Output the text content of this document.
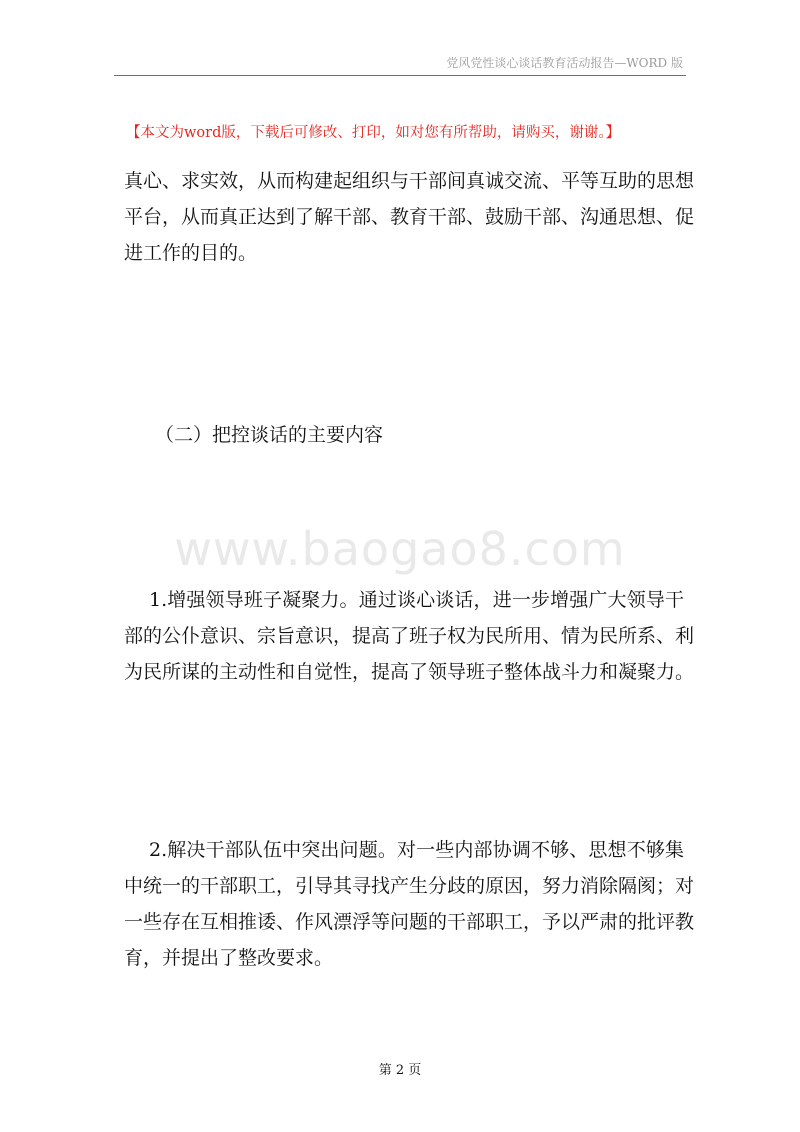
党风党性谈心谈话教育活动报告—WORD 版
【本文为word版，下载后可修改、打印，如对您有所帮助，请购买，谢谢。】
真心、求实效，从而构建起组织与干部间真诚交流、平等互助的思想
平台，从而真正达到了解干部、教育干部、鼓励干部、沟通思想、促
进工作的目的。
（二）把控谈话的主要内容
www.baogao8.com
1.增强领导班子凝聚力。通过谈心谈话，进一步增强广大领导干
部的公仆意识、宗旨意识，提高了班子权为民所用、情为民所系、利
为民所谋的主动性和自觉性，提高了领导班子整体战斗力和凝聚力。
2.解决干部队伍中突出问题。对一些内部协调不够、思想不够集
中统一的干部职工，引导其寻找产生分歧的原因，努力消除隔阂；对
一些存在互相推诿、作风漂浮等问题的干部职工，予以严肃的批评教
育，并提出了整改要求。
第 2 页
